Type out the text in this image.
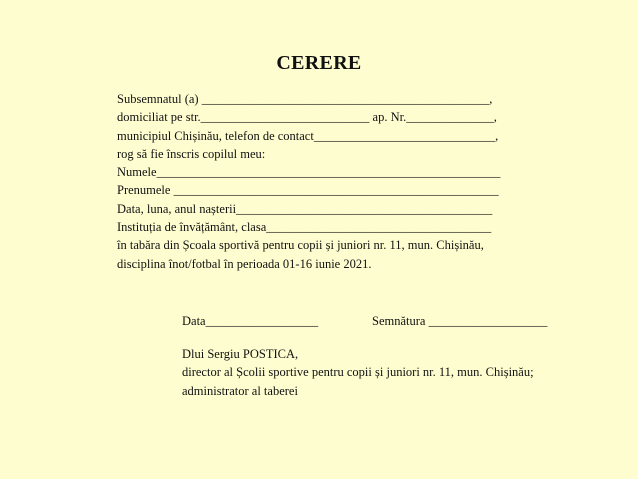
CERERE
Subsemnatul (a) ______________________________________________,
domiciliat pe str.___________________________ ap. Nr.______________,
municipiul Chișinău, telefon de contact_____________________________,
rog să fie înscris copilul meu:
Numele_______________________________________________________
Prenumele ____________________________________________________
Data, luna, anul nașterii_________________________________________
Instituția de învățământ, clasa____________________________________
în tabăra din Școala sportivă pentru copii și juniori nr. 11, mun. Chișinău,
disciplina înot/fotbal în perioada 01-16 iunie 2021.
Data__________________	Semnătura ___________________
Dlui Sergiu POSTICA,
director al Școlii sportive pentru copii și juniori nr. 11, mun. Chișinău;
administrator al taberei
